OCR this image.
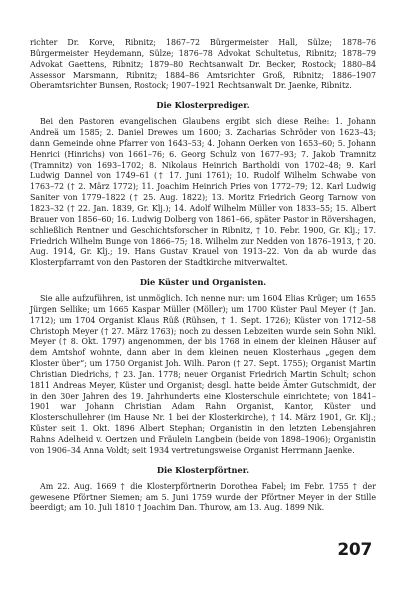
richter Dr. Korve, Ribnitz; 1867–72 Bürgermeister Hall, Sülze; 1878–76 Bürgermeister Heydemann, Sülze; 1876–78 Advokat Schultetus, Ribnitz; 1878–79 Advokat Gaettens, Ribnitz; 1879–80 Rechtsanwalt Dr. Becker, Rostock; 1880–84 Assessor Marsmann, Ribnitz; 1884–86 Amtsrichter Groß, Ribnitz; 1886–1907 Oberamtsrichter Bunsen, Rostock; 1907–1921 Rechtsanwalt Dr. Jaenke, Ribnitz.

Die Klosterprediger.

Bei den Pastoren evangelischen Glaubens ergibt sich diese Reihe: 1. Johann Andreä um 1585; 2. Daniel Drewes um 1600; 3. Zacharias Schröder von 1623–43; dann Gemeinde ohne Pfarrer von 1643–53; 4. Johann Oerken von 1653–60; 5. Johann Henrici (Hinrichs) von 1661–76; 6. Georg Schulz von 1677–93; 7. Jakob Tramnitz (Tramnitz) von 1693–1702; 8. Nikolaus Heinrich Bartholdi von 1702–48; 9. Karl Ludwig Dannel von 1749–61 († 17. Juni 1761); 10. Rudolf Wilhelm Schwabe von 1763–72 († 2. März 1772); 11. Joachim Heinrich Pries von 1772–79; 12. Karl Ludwig Saniter von 1779–1822 († 25. Aug. 1822); 13. Moritz Friedrich Georg Tarnow von 1823–32 († 22. Jan. 1839, Gr. Klj.); 14. Adolf Wilhelm Müller von 1833–55; 15. Albert Brauer von 1856–60; 16. Ludwig Dolberg von 1861–66, später Pastor in Rövershagen, schließlich Rentner und Geschichtsforscher in Ribnitz, † 10. Febr. 1900, Gr. Klj.; 17. Friedrich Wilhelm Bunge von 1866–75; 18. Wilhelm zur Nedden von 1876–1913, † 20. Aug. 1914, Gr. Klj.; 19. Hans Gustav Krauel von 1913–22. Von da ab wurde das Klosterpfarramt von den Pastoren der Stadtkirche mitverwaltet.

Die Küster und Organisten.

Sie alle aufzuführen, ist unmöglich. Ich nenne nur: um 1604 Elias Krüger; um 1655 Jürgen Sellike; um 1665 Kaspar Müller (Möller); um 1700 Küster Paul Meyer († Jan. 1712); um 1704 Organist Klaus Rüß (Rühsen, † 1. Sept. 1726); Küster von 1712–58 Christoph Meyer († 27. März 1763); noch zu dessen Lebzeiten wurde sein Sohn Nikl. Meyer († 8. Okt. 1797) angenommen, der bis 1768 in einem der kleinen Häuser auf dem Amtshof wohnte, dann aber in dem kleinen neuen Klosterhaus „gegen dem Kloster über“; um 1750 Organist Joh. Wilh. Paron († 27. Sept. 1755); Organist Martin Christian Diedrichs, † 23. Jan. 1778; neuer Organist Friedrich Martin Schult; schon 1811 Andreas Meyer, Küster und Organist; desgl. hatte beide Ämter Gutschmidt, der in den 30er Jahren des 19. Jahrhunderts eine Klosterschule einrichtete; von 1841–1901 war Johann Christian Adam Rahn Organist, Kantor, Küster und Klosterschullehrer (im Hause Nr. 1 bei der Klosterkirche), † 14. März 1901, Gr. Klj.; Küster seit 1. Okt. 1896 Albert Stephan; Organistin in den letzten Lebensjahren Rahns Adelheid v. Oertzen und Fräulein Langbein (beide von 1898–1906); Organistin von 1906–34 Anna Voldt; seit 1934 vertretungsweise Organist Herrmann Jaenke.

Die Klosterpförtner.

Am 22. Aug. 1669 † die Klosterpförtnerin Dorothea Fabel; im Febr. 1755 † der gewesene Pförtner Siemen; am 5. Juni 1759 wurde der Pförtner Meyer in der Stille beerdigt; am 10. Juli 1810 † Joachim Dan. Thurow, am 13. Aug. 1899 Nik.

207
